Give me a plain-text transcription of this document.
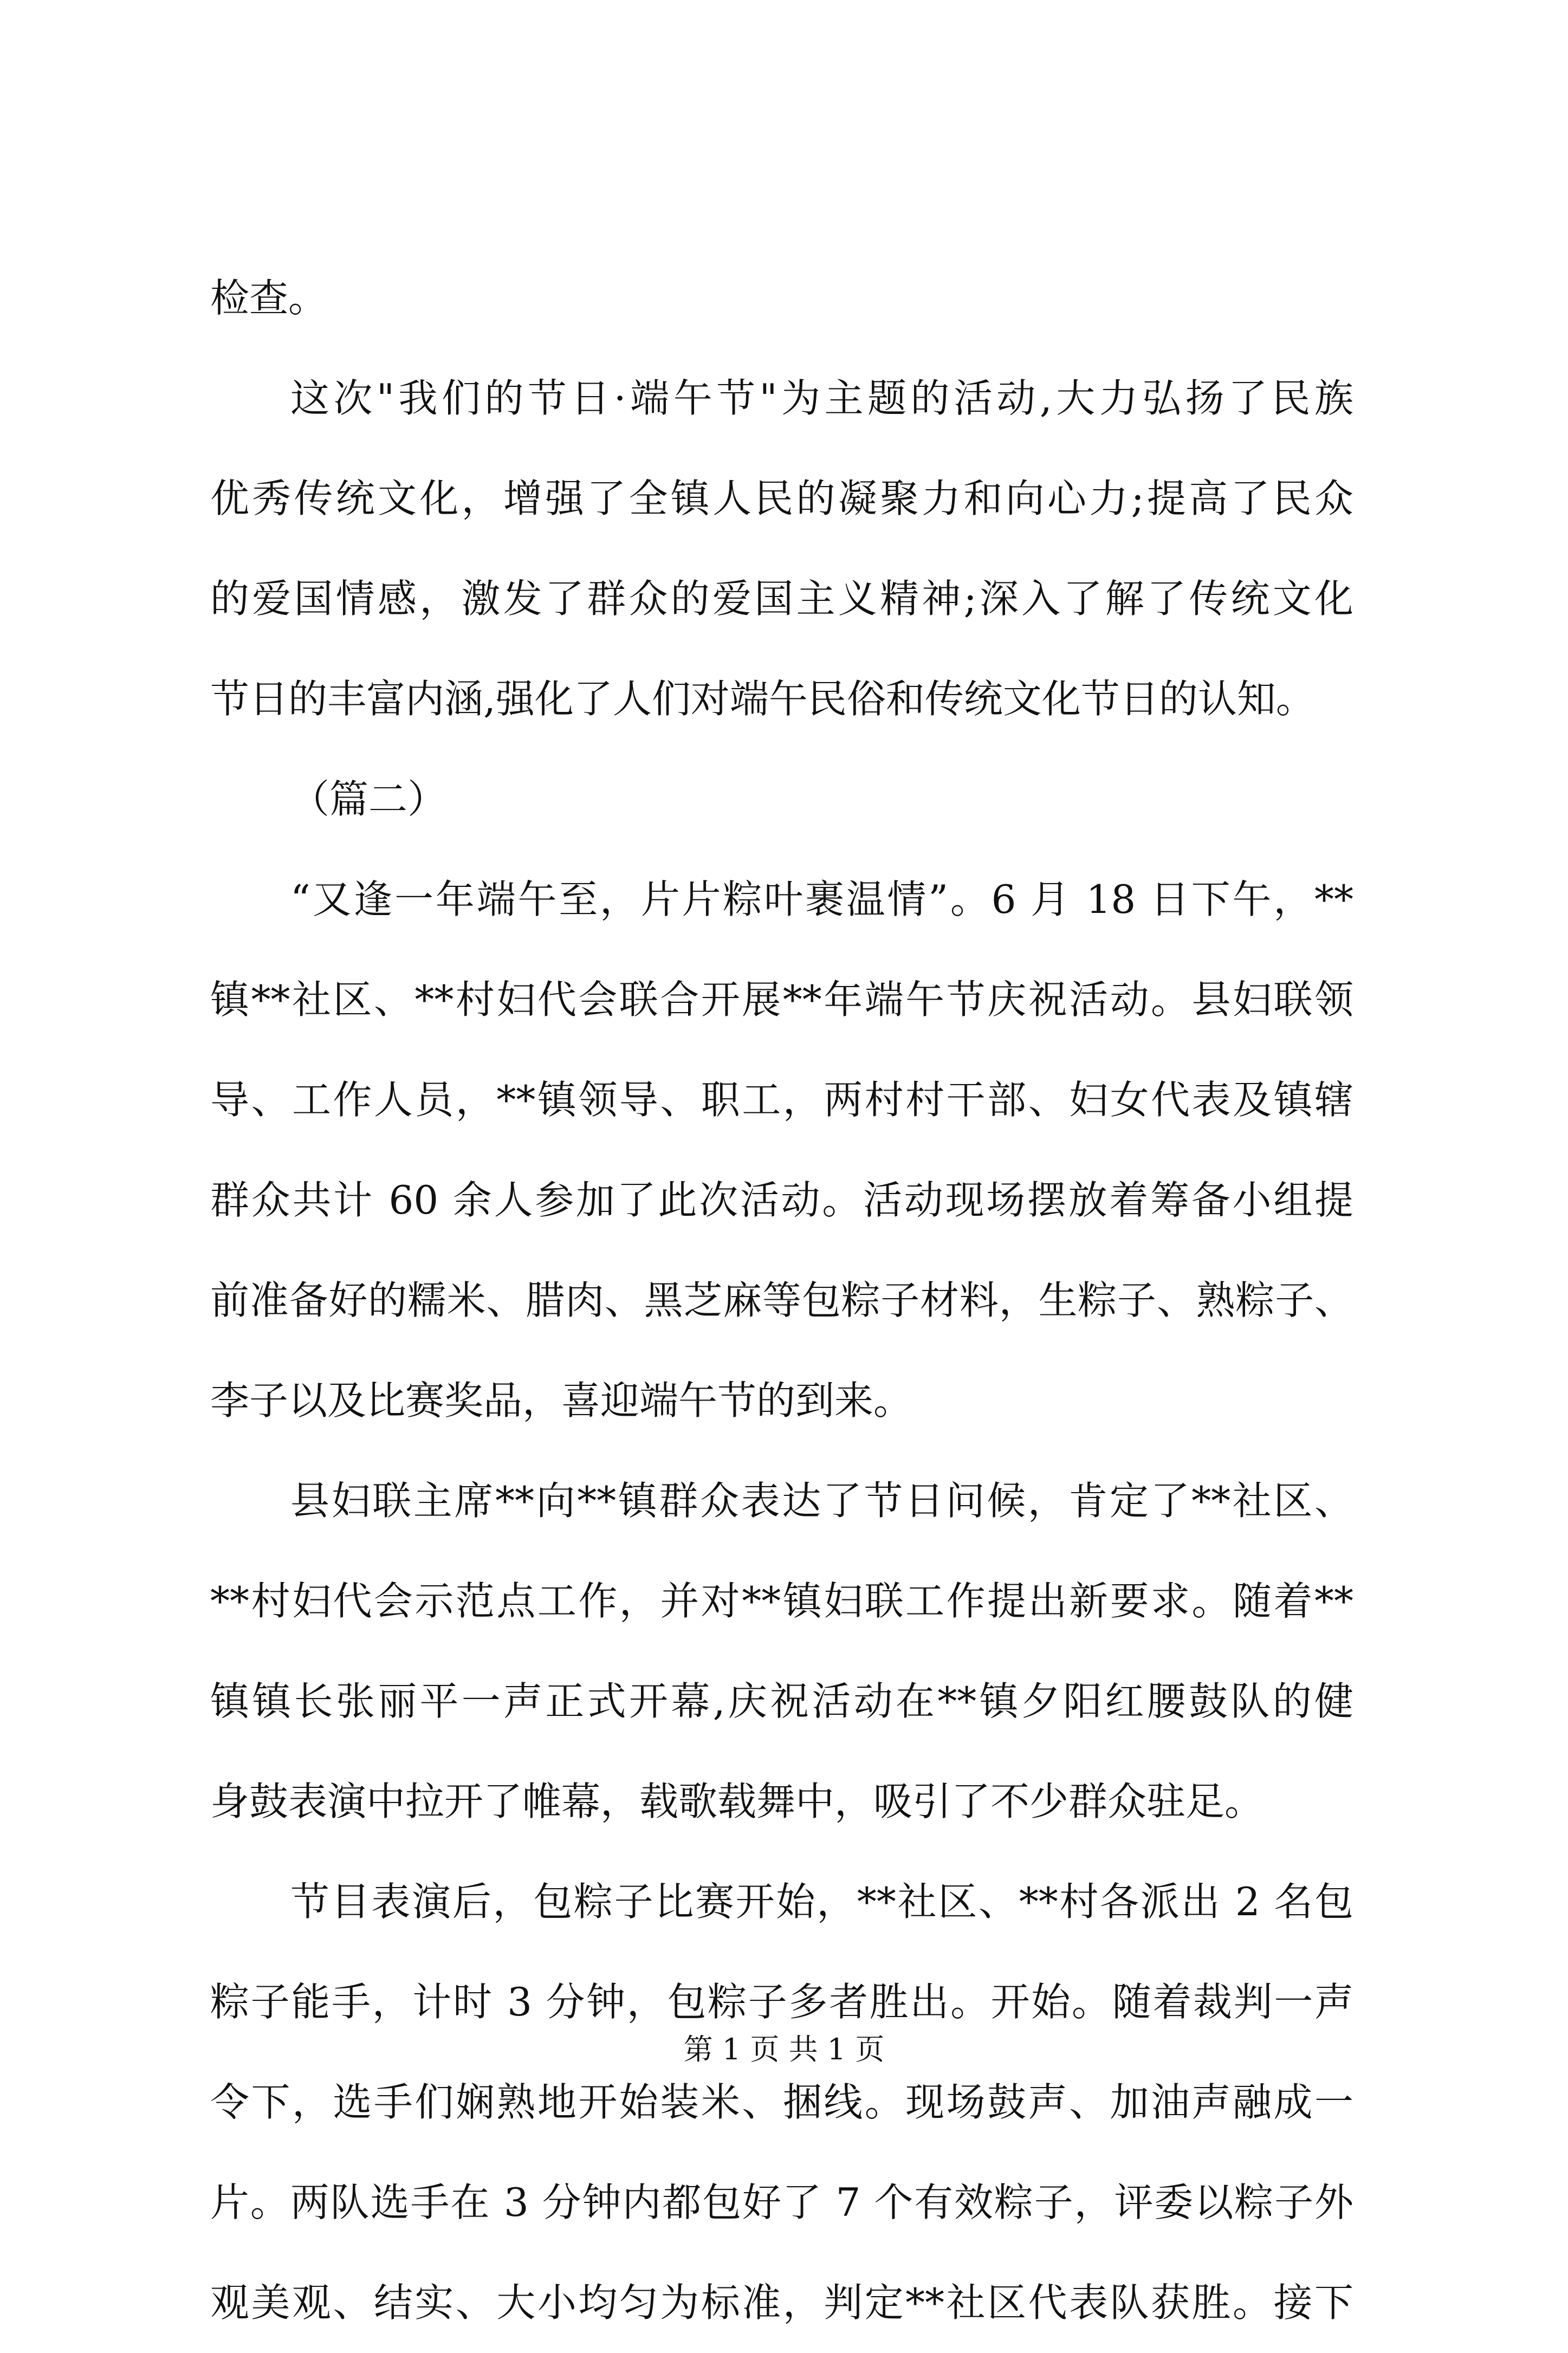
检查。
这次"我们的节日·端午节"为主题的活动,大力弘扬了民族
优秀传统文化，增强了全镇人民的凝聚力和向心力;提高了民众
的爱国情感，激发了群众的爱国主义精神;深入了解了传统文化
节日的丰富内涵,强化了人们对端午民俗和传统文化节日的认知。
（篇二）
“又逢一年端午至，片片粽叶裹温情”。6 月 18 日下午，**
镇**社区、**村妇代会联合开展**年端午节庆祝活动。县妇联领
导、工作人员，**镇领导、职工，两村村干部、妇女代表及镇辖
群众共计 60 余人参加了此次活动。活动现场摆放着筹备小组提
前准备好的糯米、腊肉、黑芝麻等包粽子材料，生粽子、熟粽子、
李子以及比赛奖品，喜迎端午节的到来。
县妇联主席**向**镇群众表达了节日问候，肯定了**社区、
**村妇代会示范点工作，并对**镇妇联工作提出新要求。随着**
镇镇长张丽平一声正式开幕,庆祝活动在**镇夕阳红腰鼓队的健
身鼓表演中拉开了帷幕，载歌载舞中，吸引了不少群众驻足。
节目表演后，包粽子比赛开始，**社区、**村各派出 2 名包
粽子能手，计时 3 分钟，包粽子多者胜出。开始。随着裁判一声
令下，选手们娴熟地开始装米、捆线。现场鼓声、加油声融成一
片。两队选手在 3 分钟内都包好了 7 个有效粽子，评委以粽子外
观美观、结实、大小均匀为标准，判定**社区代表队获胜。接下
第 1 页 共 1 页
